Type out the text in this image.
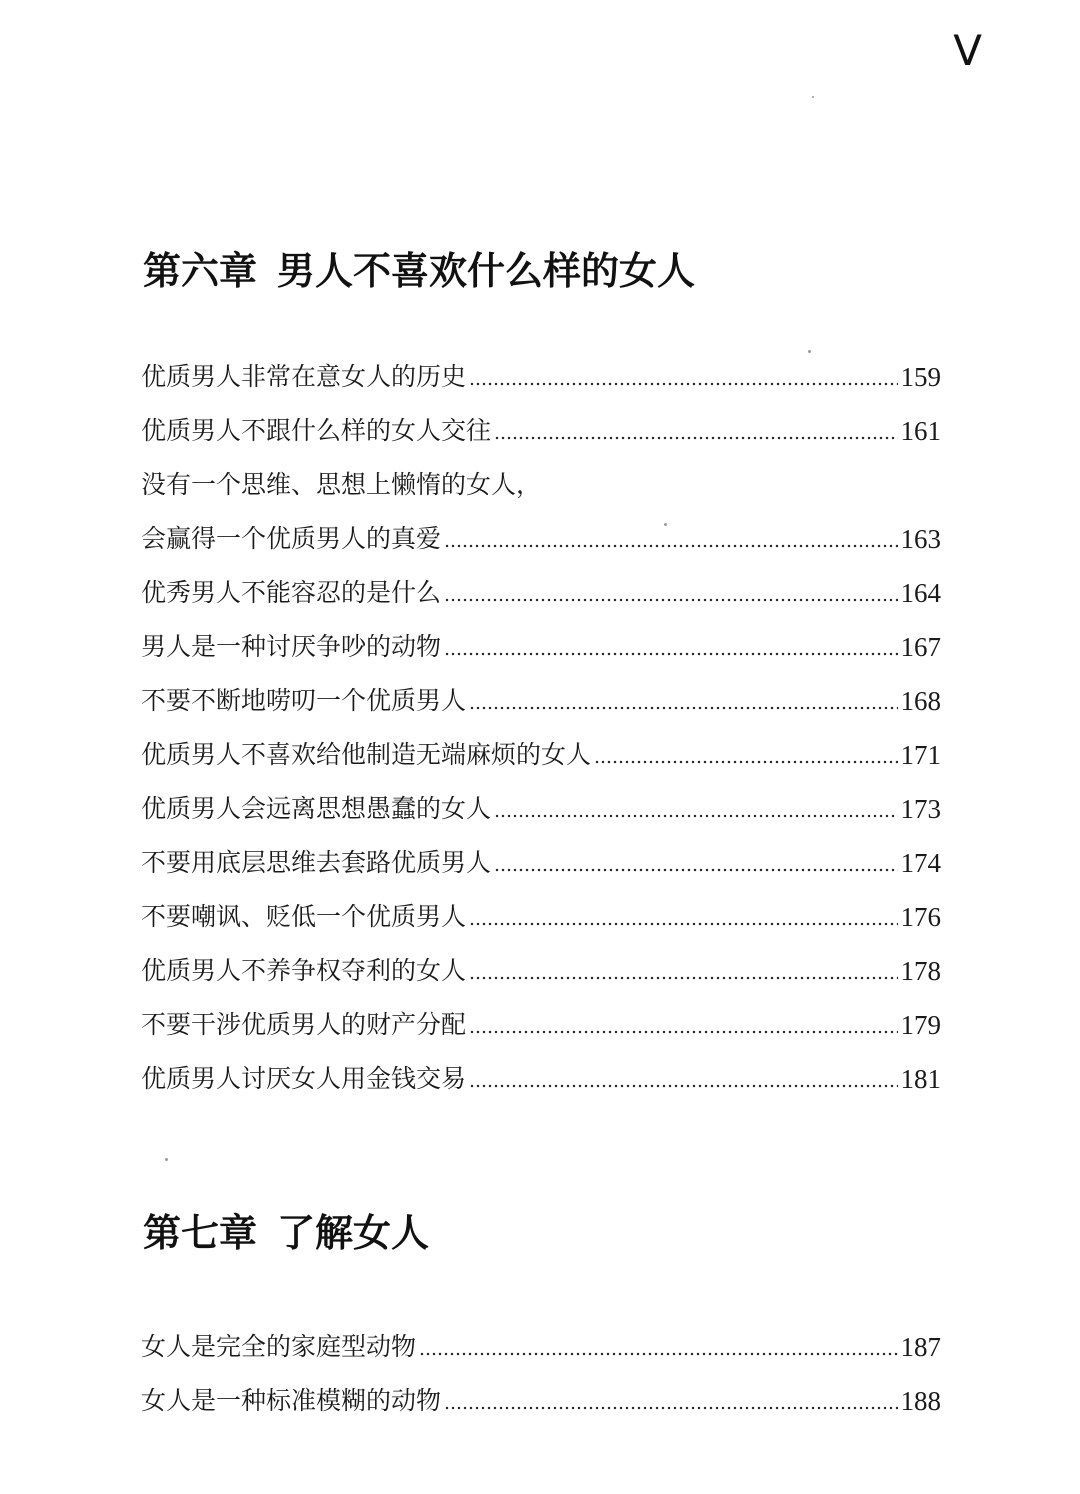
V
第六章 男人不喜欢什么样的女人
优质男人非常在意女人的历史	159
优质男人不跟什么样的女人交往	161
没有一个思维、思想上懒惰的女人，
会赢得一个优质男人的真爱	163
优秀男人不能容忍的是什么	164
男人是一种讨厌争吵的动物	167
不要不断地唠叨一个优质男人	168
优质男人不喜欢给他制造无端麻烦的女人	171
优质男人会远离思想愚蠢的女人	173
不要用底层思维去套路优质男人	174
不要嘲讽、贬低一个优质男人	176
优质男人不养争权夺利的女人	178
不要干涉优质男人的财产分配	179
优质男人讨厌女人用金钱交易	181
第七章 了解女人
女人是完全的家庭型动物	187
女人是一种标准模糊的动物	188
